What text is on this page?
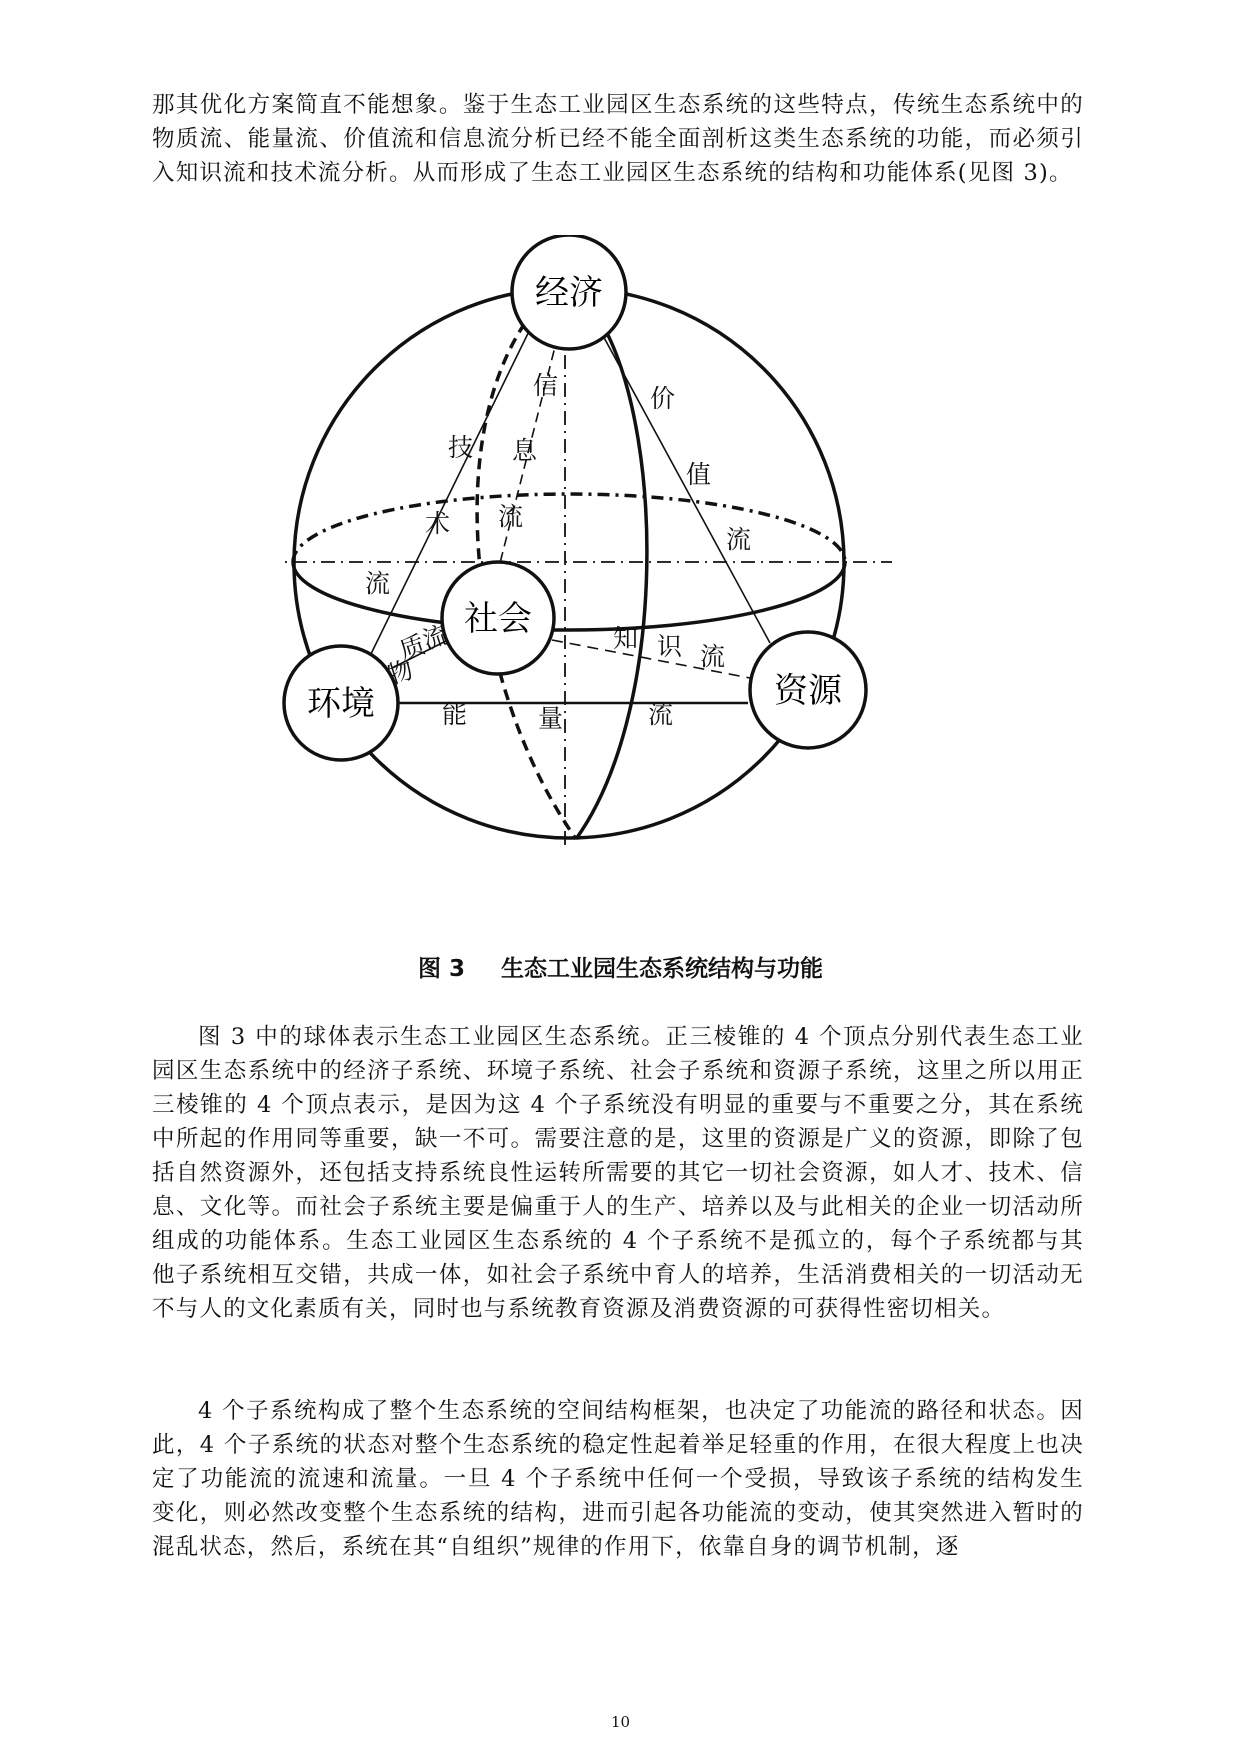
那其优化方案简直不能想象。鉴于生态工业园区生态系统的这些特点，传统生态系统中的物质流、能量流、价值流和信息流分析已经不能全面剖析这类生态系统的功能，而必须引入知识流和技术流分析。从而形成了生态工业园区生态系统的结构和功能体系(见图 3)。

经济
社会
环境	资源
信
息
流
价
值
流
技
术
流
知 识 流
物
质
流
能	量	流
图 3 生态工业园生态系统结构与功能

图 3 中的球体表示生态工业园区生态系统。正三棱锥的 4 个顶点分别代表生态工业园区生态系统中的经济子系统、环境子系统、社会子系统和资源子系统，这里之所以用正三棱锥的 4 个顶点表示，是因为这 4 个子系统没有明显的重要与不重要之分，其在系统中所起的作用同等重要，缺一不可。需要注意的是，这里的资源是广义的资源，即除了包括自然资源外，还包括支持系统良性运转所需要的其它一切社会资源，如人才、技术、信息、文化等。而社会子系统主要是偏重于人的生产、培养以及与此相关的企业一切活动所组成的功能体系。生态工业园区生态系统的 4 个子系统不是孤立的，每个子系统都与其他子系统相互交错，共成一体，如社会子系统中育人的培养，生活消费相关的一切活动无不与人的文化素质有关，同时也与系统教育资源及消费资源的可获得性密切相关。

4 个子系统构成了整个生态系统的空间结构框架，也决定了功能流的路径和状态。因此，4 个子系统的状态对整个生态系统的稳定性起着举足轻重的作用，在很大程度上也决定了功能流的流速和流量。一旦 4 个子系统中任何一个受损，导致该子系统的结构发生变化，则必然改变整个生态系统的结构，进而引起各功能流的变动，使其突然进入暂时的混乱状态，然后，系统在其“自组织”规律的作用下，依靠自身的调节机制，逐

10
